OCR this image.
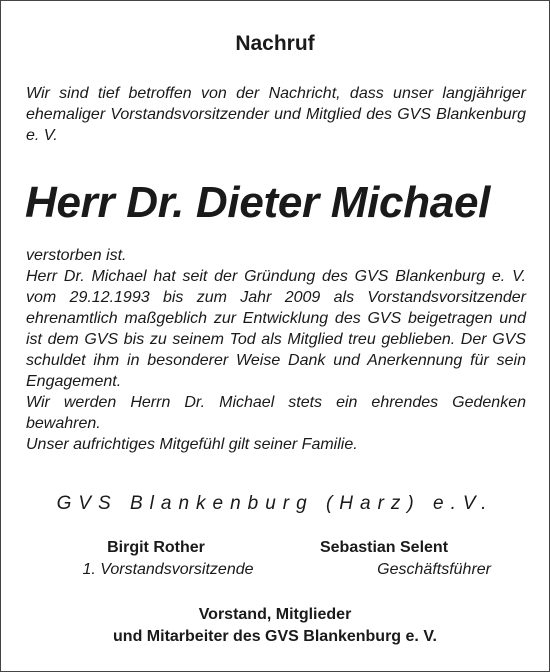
Nachruf

Wir sind tief betroffen von der Nachricht, dass unser langjähriger ehemaliger Vorstandsvorsitzender und Mitglied des GVS Blankenburg e. V.

Herr Dr. Dieter Michael

verstorben ist.

Herr Dr. Michael hat seit der Gründung des GVS Blankenburg e. V. vom 29.12.1993 bis zum Jahr 2009 als Vorstandsvorsitzender ehrenamtlich maßgeblich zur Entwicklung des GVS beigetragen und ist dem GVS bis zu seinem Tod als Mitglied treu geblieben. Der GVS schuldet ihm in besonderer Weise Dank und Anerkennung für sein Engagement.

Wir werden Herrn Dr. Michael stets ein ehrendes Gedenken bewahren.

Unser aufrichtiges Mitgefühl gilt seiner Familie.

GVS Blankenburg (Harz) e.V.
Birgit Rother
1. Vorstandsvorsitzende
Sebastian Selent
Geschäftsführer
Vorstand, Mitglieder
und Mitarbeiter des GVS Blankenburg e. V.
